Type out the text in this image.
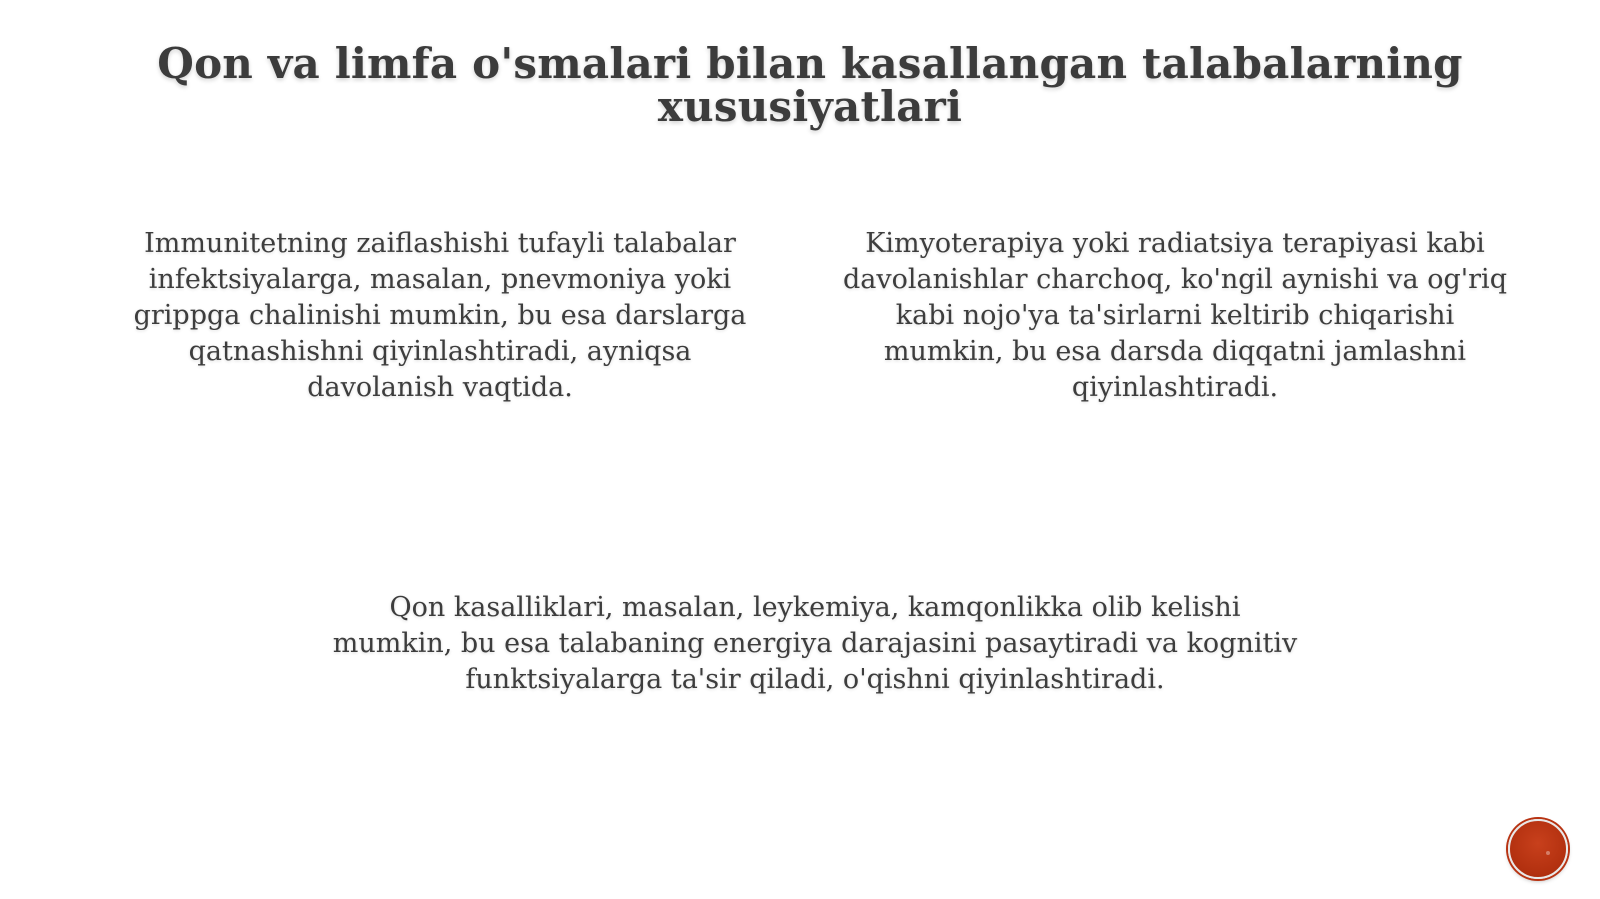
Qon va limfa o'smalari bilan kasallangan talabalarning
xususiyatlari

Immunitetning zaiflashishi tufayli talabalar
infektsiyalarga, masalan, pnevmoniya yoki
grippga chalinishi mumkin, bu esa darslarga
qatnashishni qiyinlashtiradi, ayniqsa
davolanish vaqtida.

Kimyoterapiya yoki radiatsiya terapiyasi kabi
davolanishlar charchoq, ko'ngil aynishi va og'riq
kabi nojo'ya ta'sirlarni keltirib chiqarishi
mumkin, bu esa darsda diqqatni jamlashni
qiyinlashtiradi.

Qon kasalliklari, masalan, leykemiya, kamqonlikka olib kelishi
mumkin, bu esa talabaning energiya darajasini pasaytiradi va kognitiv
funktsiyalarga ta'sir qiladi, o'qishni qiyinlashtiradi.
